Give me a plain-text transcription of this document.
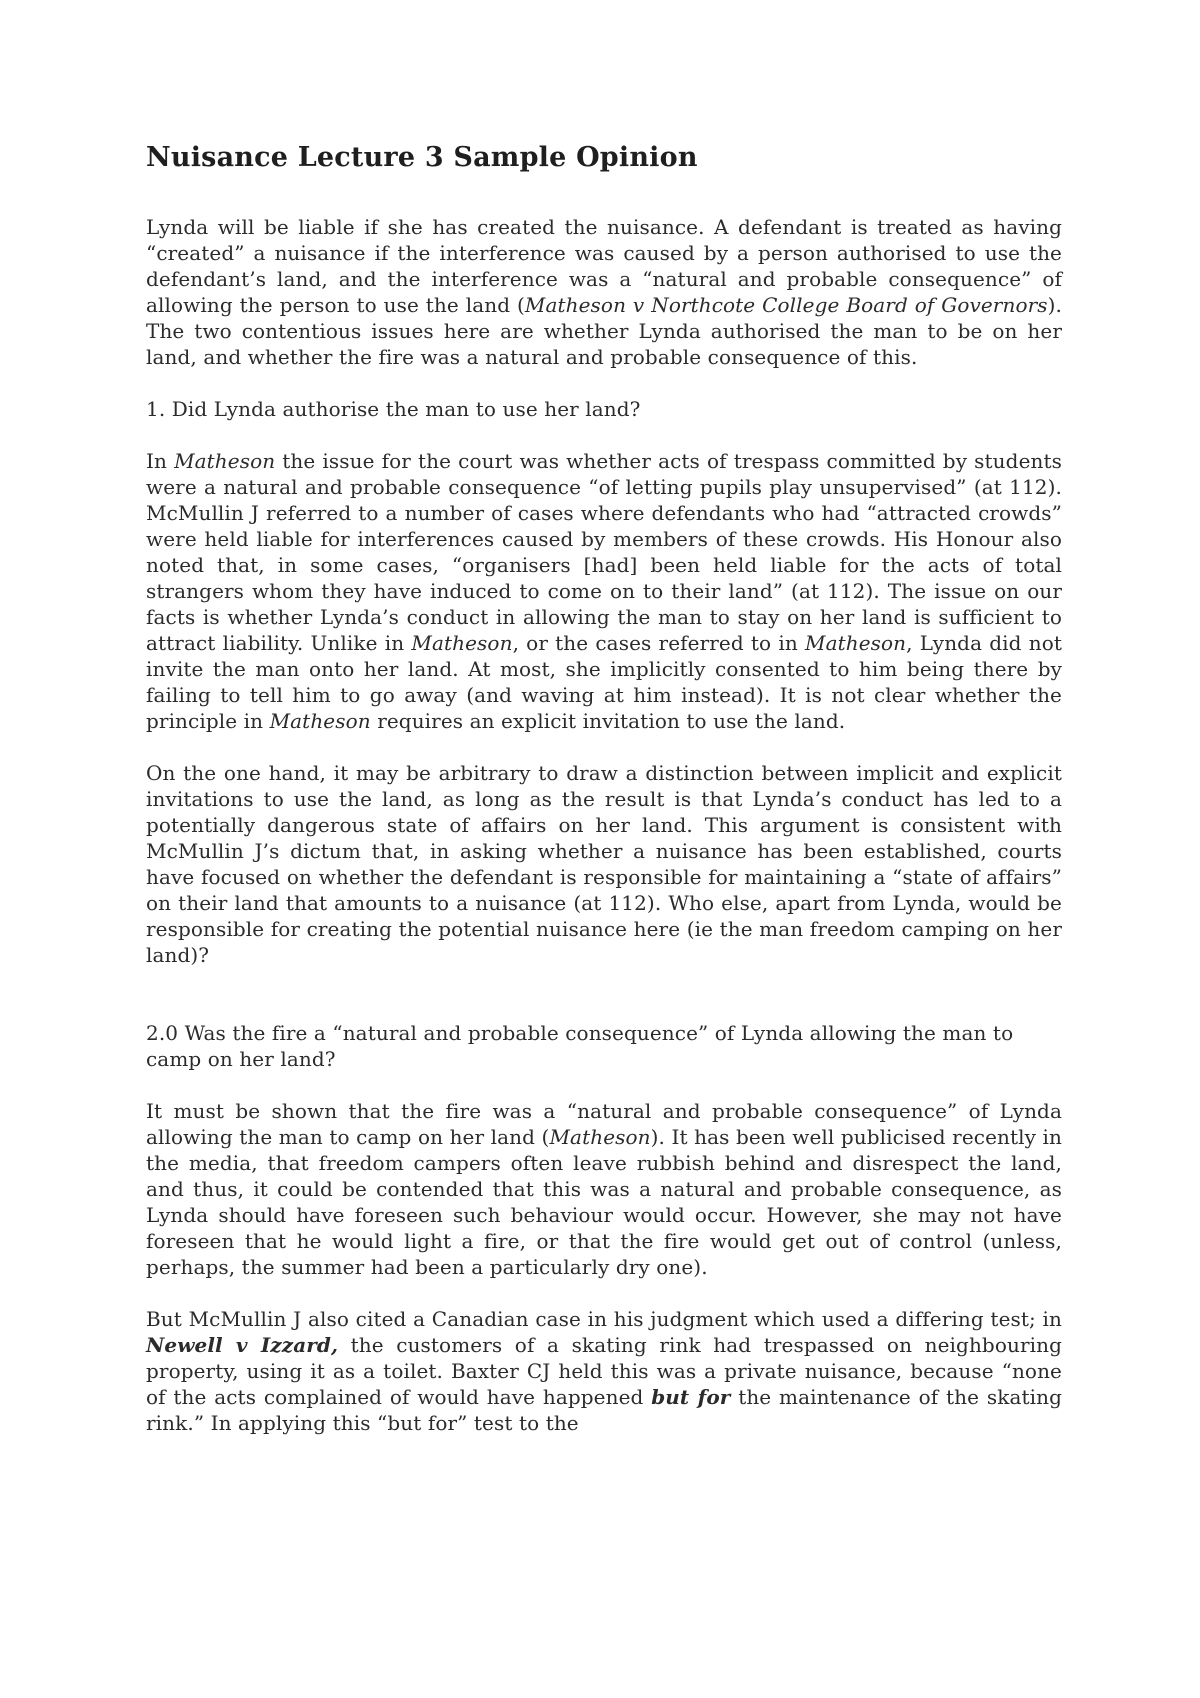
Nuisance Lecture 3 Sample Opinion

Lynda will be liable if she has created the nuisance. A defendant is treated as having “created” a nuisance if the interference was caused by a person authorised to use the defendant’s land, and the interference was a “natural and probable consequence” of allowing the person to use the land (Matheson v Northcote College Board of Governors). The two contentious issues here are whether Lynda authorised the man to be on her land, and whether the fire was a natural and probable consequence of this.

1. Did Lynda authorise the man to use her land?

In Matheson the issue for the court was whether acts of trespass committed by students were a natural and probable consequence “of letting pupils play unsupervised” (at 112). McMullin J referred to a number of cases where defendants who had “attracted crowds” were held liable for interferences caused by members of these crowds. His Honour also noted that, in some cases, “organisers [had] been held liable for the acts of total strangers whom they have induced to come on to their land” (at 112). The issue on our facts is whether Lynda’s conduct in allowing the man to stay on her land is sufficient to attract liability. Unlike in Matheson, or the cases referred to in Matheson, Lynda did not invite the man onto her land. At most, she implicitly consented to him being there by failing to tell him to go away (and waving at him instead). It is not clear whether the principle in Matheson requires an explicit invitation to use the land.

On the one hand, it may be arbitrary to draw a distinction between implicit and explicit invitations to use the land, as long as the result is that Lynda’s conduct has led to a potentially dangerous state of affairs on her land. This argument is consistent with McMullin J’s dictum that, in asking whether a nuisance has been established, courts have focused on whether the defendant is responsible for maintaining a “state of affairs” on their land that amounts to a nuisance (at 112). Who else, apart from Lynda, would be responsible for creating the potential nuisance here (ie the man freedom camping on her land)?

2.0 Was the fire a “natural and probable consequence” of Lynda allowing the man to camp on her land?

It must be shown that the fire was a “natural and probable consequence” of Lynda allowing the man to camp on her land (Matheson). It has been well publicised recently in the media, that freedom campers often leave rubbish behind and disrespect the land, and thus, it could be contended that this was a natural and probable consequence, as Lynda should have foreseen such behaviour would occur. However, she may not have foreseen that he would light a fire, or that the fire would get out of control (unless, perhaps, the summer had been a particularly dry one).

But McMullin J also cited a Canadian case in his judgment which used a differing test; in Newell v Izzard, the customers of a skating rink had trespassed on neighbouring property, using it as a toilet. Baxter CJ held this was a private nuisance, because “none of the acts complained of would have happened but for the maintenance of the skating rink.” In applying this “but for” test to the
